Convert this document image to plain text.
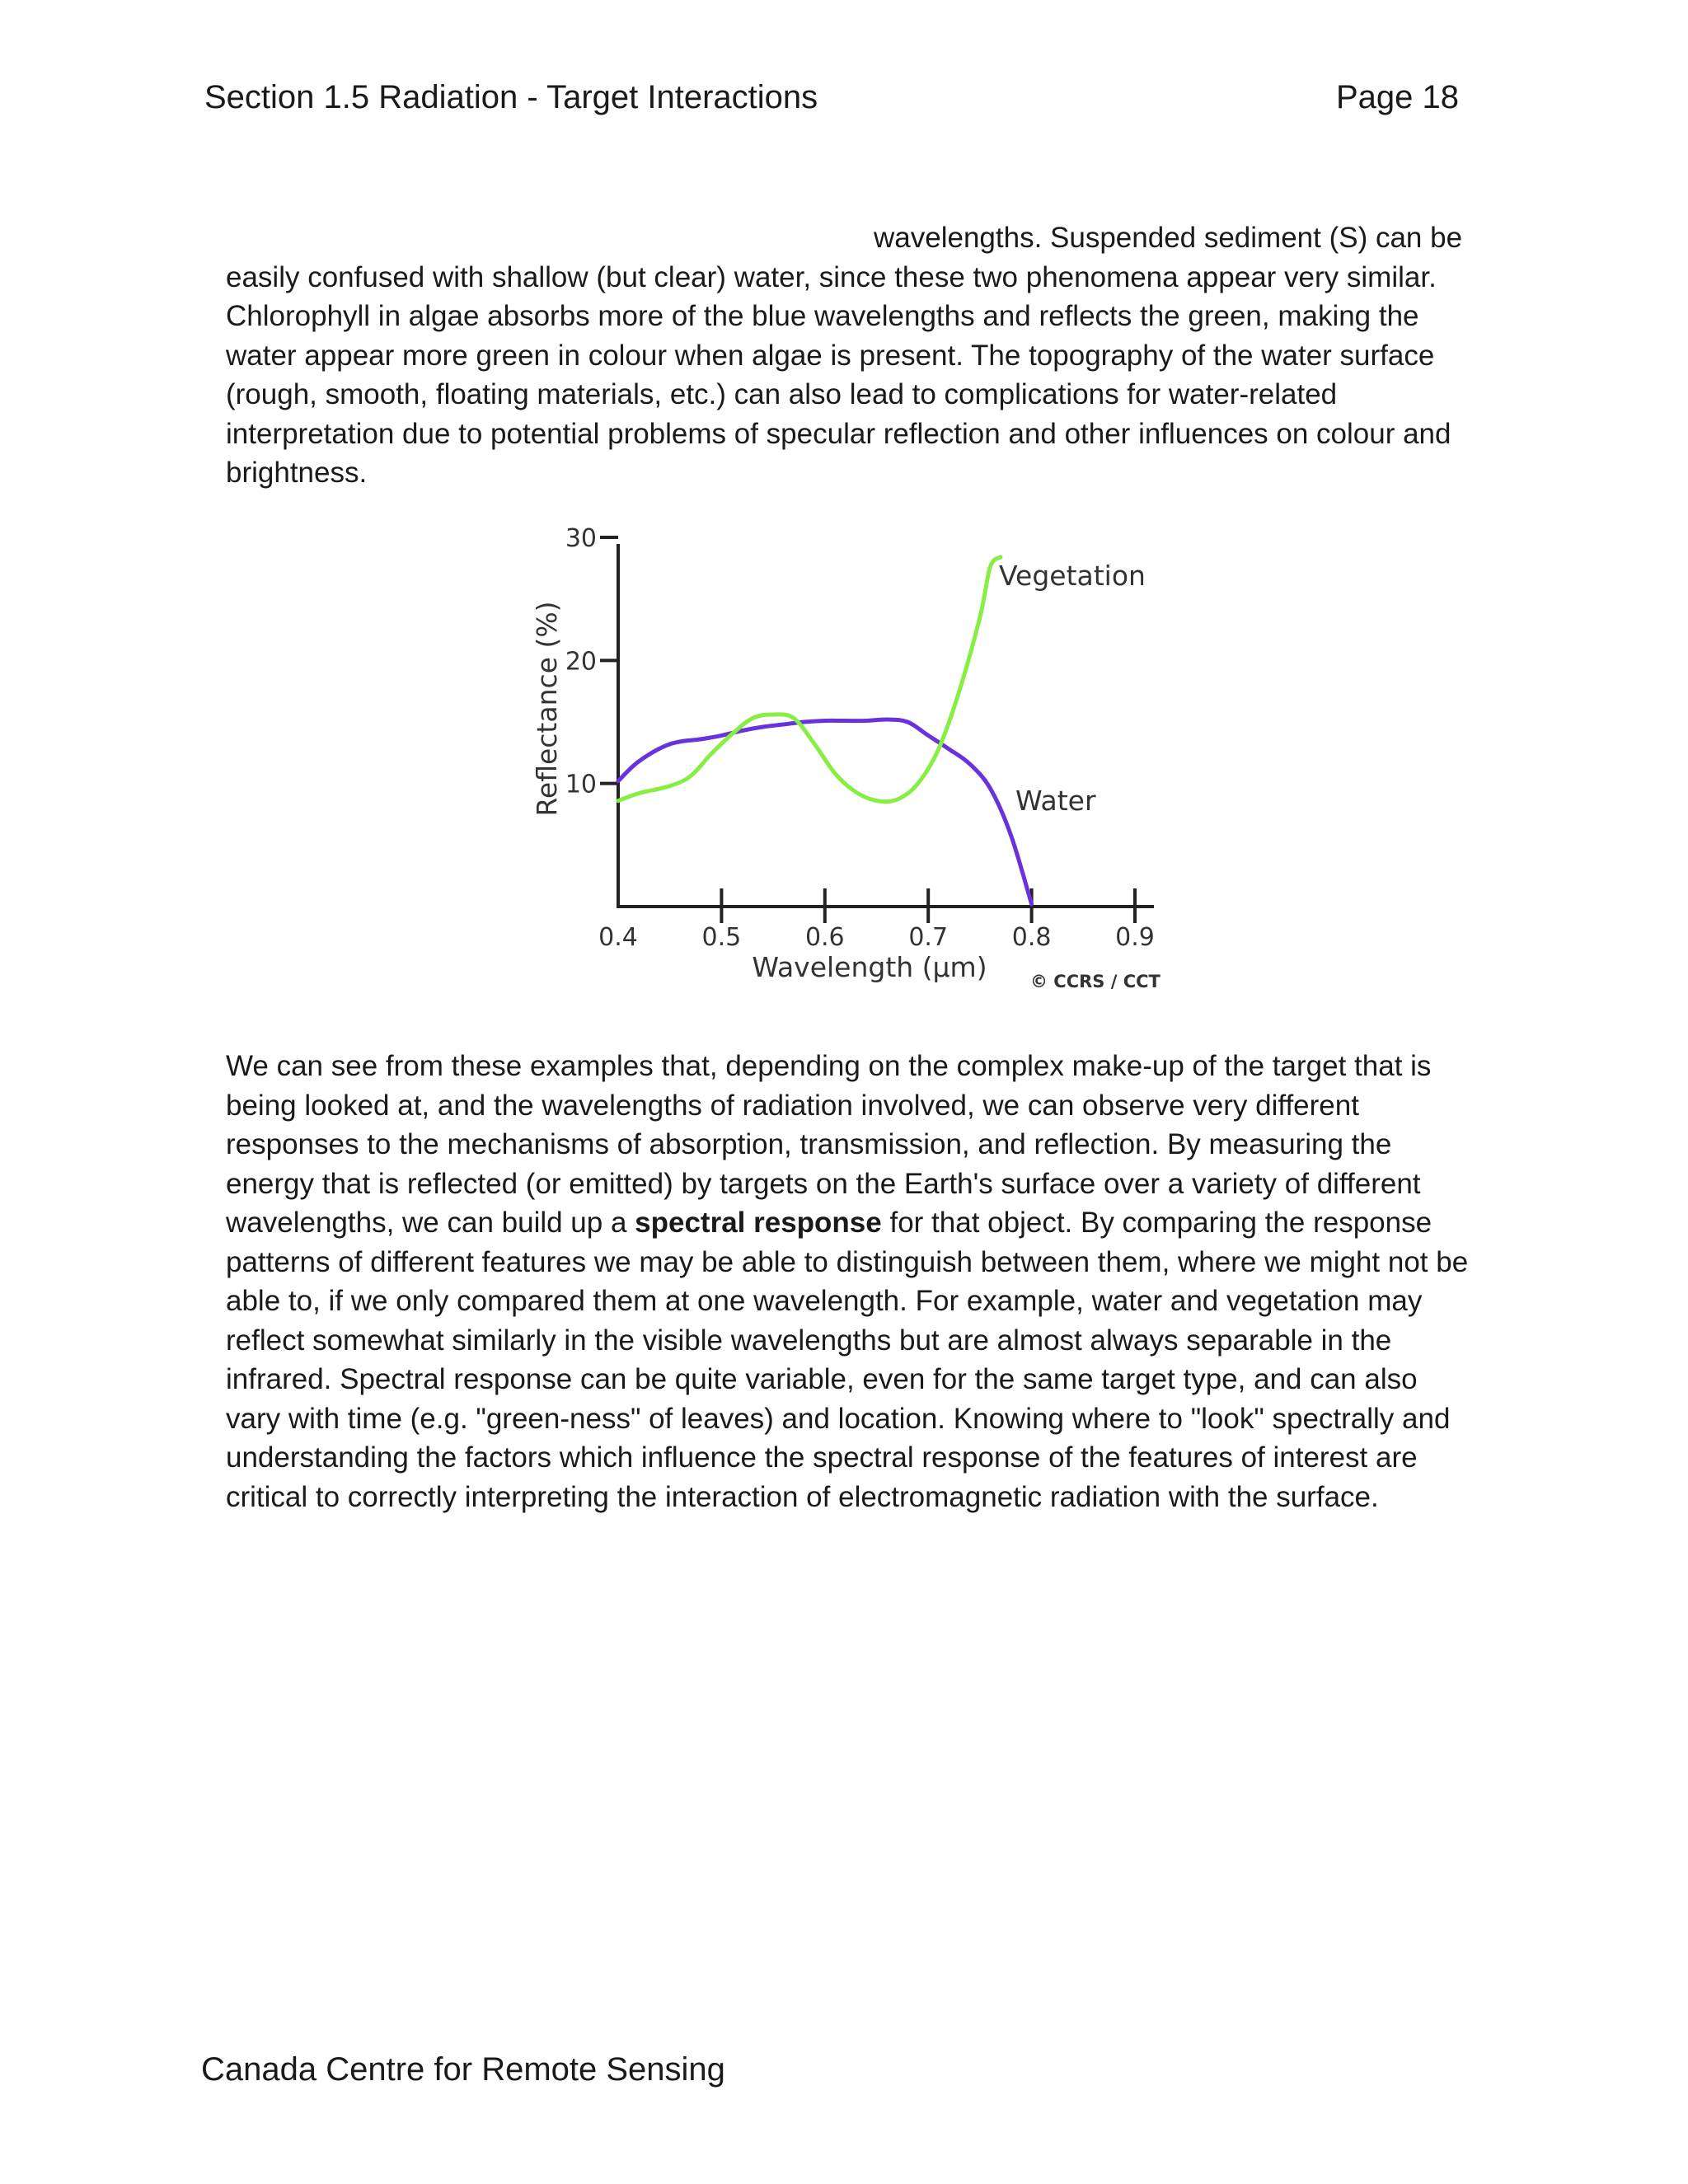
Section 1.5 Radiation - Target Interactions	Page 18

wavelengths. Suspended sediment (S) can be easily confused with shallow (but clear) water, since these two phenomena appear very similar. Chlorophyll in algae absorbs more of the blue wavelengths and reflects the green, making the water appear more green in colour when algae is present. The topography of the water surface (rough, smooth, floating materials, etc.) can also lead to complications for water-related interpretation due to potential problems of specular reflection and other influences on colour and brightness.

10
20
30
0.4	0.5	0.6	0.7	0.8	0.9
Vegetation
Water
Reflectance (%)
Wavelength (µm) © CCRS / CCT

We can see from these examples that, depending on the complex make-up of the target that is being looked at, and the wavelengths of radiation involved, we can observe very different responses to the mechanisms of absorption, transmission, and reflection. By measuring the energy that is reflected (or emitted) by targets on the Earth's surface over a variety of different wavelengths, we can build up a spectral response for that object. By comparing the response patterns of different features we may be able to distinguish between them, where we might not be able to, if we only compared them at one wavelength. For example, water and vegetation may reflect somewhat similarly in the visible wavelengths but are almost always separable in the infrared. Spectral response can be quite variable, even for the same target type, and can also vary with time (e.g. "green-ness" of leaves) and location. Knowing where to "look" spectrally and understanding the factors which influence the spectral response of the features of interest are critical to correctly interpreting the interaction of electromagnetic radiation with the surface.

Canada Centre for Remote Sensing
